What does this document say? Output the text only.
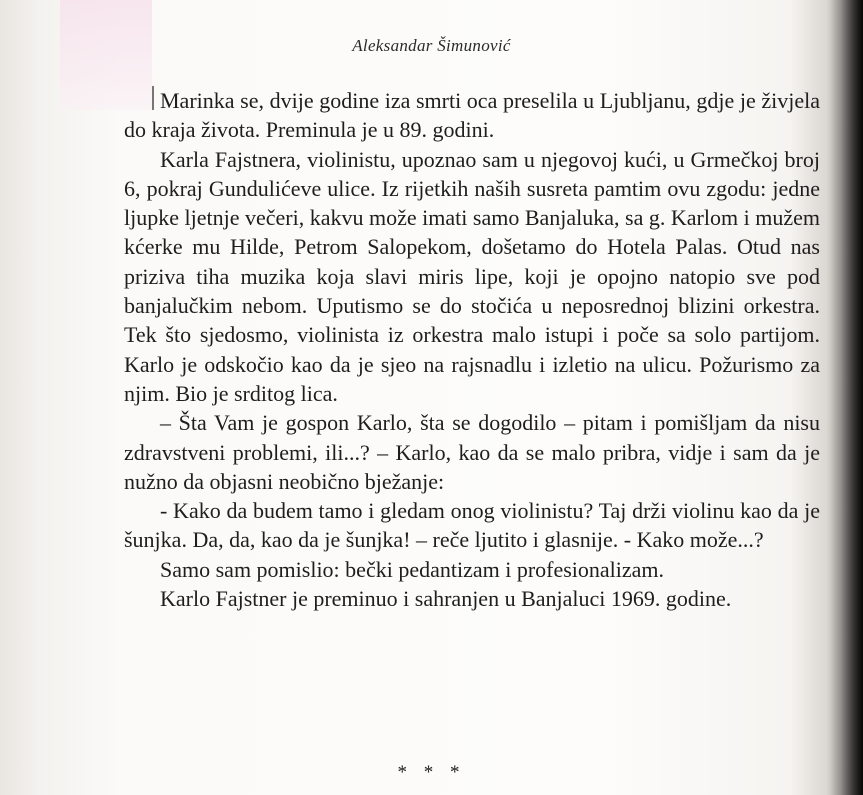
Aleksandar Šimunović

Marinka se, dvije godine iza smrti oca preselila u Ljubljanu, gdje je živjela do kraja života. Preminula je u 89. godini.

Karla Fajstnera, violinistu, upoznao sam u njegovoj kući, u Grmečkoj broj 6, pokraj Gundulićeve ulice. Iz rijetkih naših susreta pamtim ovu zgodu: jedne ljupke ljetnje večeri, kakvu može imati samo Banjaluka, sa g. Karlom i mužem kćerke mu Hilde, Petrom Salopekom, došetamo do Hotela Palas. Otud nas priziva tiha muzika koja slavi miris lipe, koji je opojno natopio sve pod banjalučkim nebom. Uputismo se do stočića u neposrednoj blizini orkestra. Tek što sjedosmo, violinista iz orkestra malo istupi i poče sa solo partijom. Karlo je odskočio kao da je sjeo na rajsnadlu i izletio na ulicu. Požurismo za njim. Bio je srditog lica.

– Šta Vam je gospon Karlo, šta se dogodilo – pitam i pomišljam da nisu zdravstveni problemi, ili...? – Karlo, kao da se malo pribra, vidje i sam da je nužno da objasni neobično bježanje:

- Kako da budem tamo i gledam onog violinistu? Taj drži violinu kao da je šunjka. Da, da, kao da je šunjka! – reče ljutito i glasnije. - Kako može...?

Samo sam pomislio: bečki pedantizam i profesionalizam.

Karlo Fajstner je preminuo i sahranjen u Banjaluci 1969. godine.

* * *
